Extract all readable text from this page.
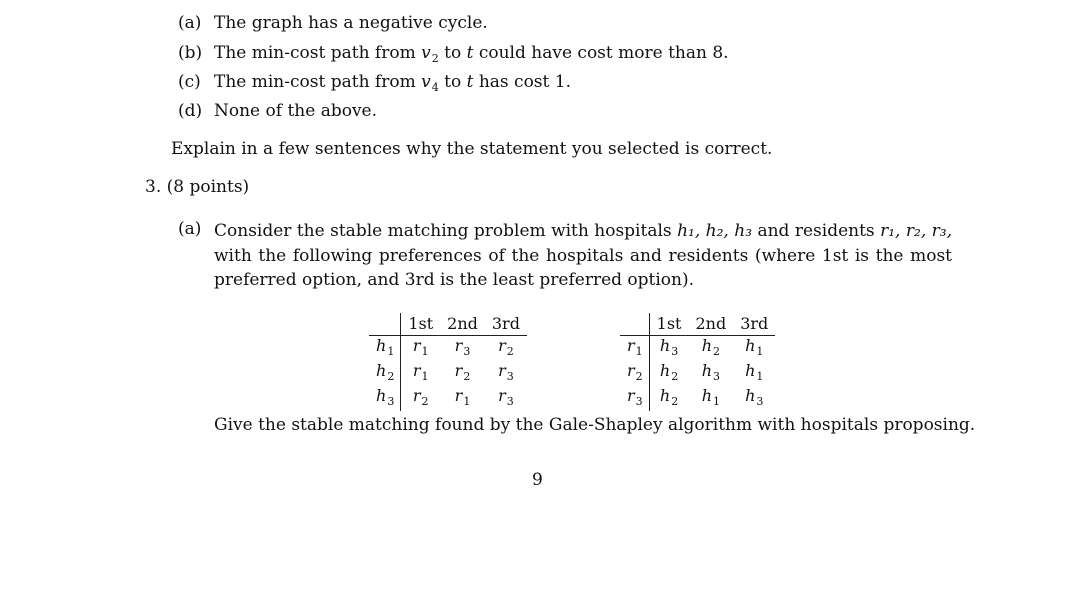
(a) The graph has a negative cycle.
(b) The min-cost path from $v_2$ to t could have cost more than 8.
(c) The min-cost path from $v_4$ to t has cost 1.
(d) None of the above.
Explain in a few sentences why the statement you selected is correct.
3. (8 points)
(a) Consider the stable matching problem with hospitals h₁, h₂, h₃ and residents r₁, r₂, r₃, with the following preferences of the hospitals and residents (where 1st is the most preferred option, and 3rd is the least preferred option).
	1st	2nd	3rd
$h_1$	$r_1$	$r_3$	$r_2$
$h_2$	$r_1$	$r_2$	$r_3$
$h_3$	$r_2$	$r_1$	$r_3$
	1st	2nd	3rd
$r_1$	$h_3$	$h_2$	$h_1$
$r_2$	$h_2$	$h_3$	$h_1$
$r_3$	$h_2$	$h_1$	$h_3$
Give the stable matching found by the Gale-Shapley algorithm with hospitals proposing.
9
